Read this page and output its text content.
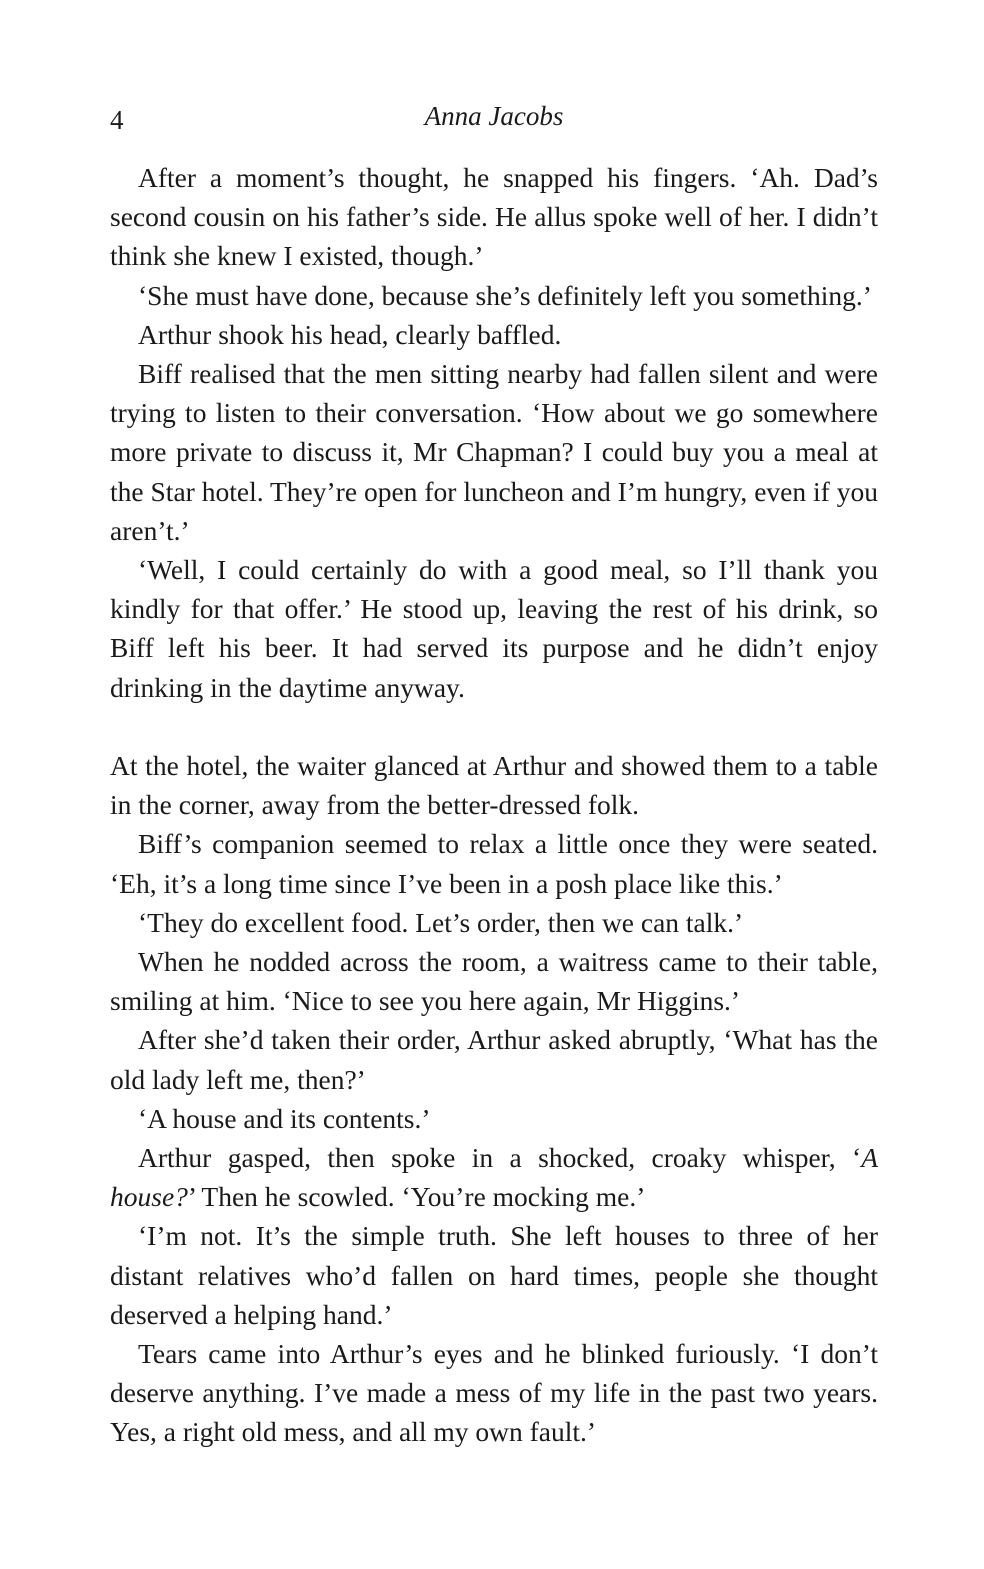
4	Anna Jacobs

After a moment’s thought, he snapped his fingers. ‘Ah. Dad’s second cousin on his father’s side. He allus spoke well of her. I didn’t think she knew I existed, though.’

‘She must have done, because she’s definitely left you something.’

Arthur shook his head, clearly baffled.

Biff realised that the men sitting nearby had fallen silent and were trying to listen to their conversation. ‘How about we go somewhere more private to discuss it, Mr Chapman? I could buy you a meal at the Star hotel. They’re open for luncheon and I’m hungry, even if you aren’t.’

‘Well, I could certainly do with a good meal, so I’ll thank you kindly for that offer.’ He stood up, leaving the rest of his drink, so Biff left his beer. It had served its purpose and he didn’t enjoy drinking in the daytime anyway.

At the hotel, the waiter glanced at Arthur and showed them to a table in the corner, away from the better-dressed folk.

Biff’s companion seemed to relax a little once they were seated. ‘Eh, it’s a long time since I’ve been in a posh place like this.’

‘They do excellent food. Let’s order, then we can talk.’

When he nodded across the room, a waitress came to their table, smiling at him. ‘Nice to see you here again, Mr Higgins.’

After she’d taken their order, Arthur asked abruptly, ‘What has the old lady left me, then?’

‘A house and its contents.’

Arthur gasped, then spoke in a shocked, croaky whisper, ‘A house?’ Then he scowled. ‘You’re mocking me.’

‘I’m not. It’s the simple truth. She left houses to three of her distant relatives who’d fallen on hard times, people she thought deserved a helping hand.’

Tears came into Arthur’s eyes and he blinked furiously. ‘I don’t deserve anything. I’ve made a mess of my life in the past two years. Yes, a right old mess, and all my own fault.’
